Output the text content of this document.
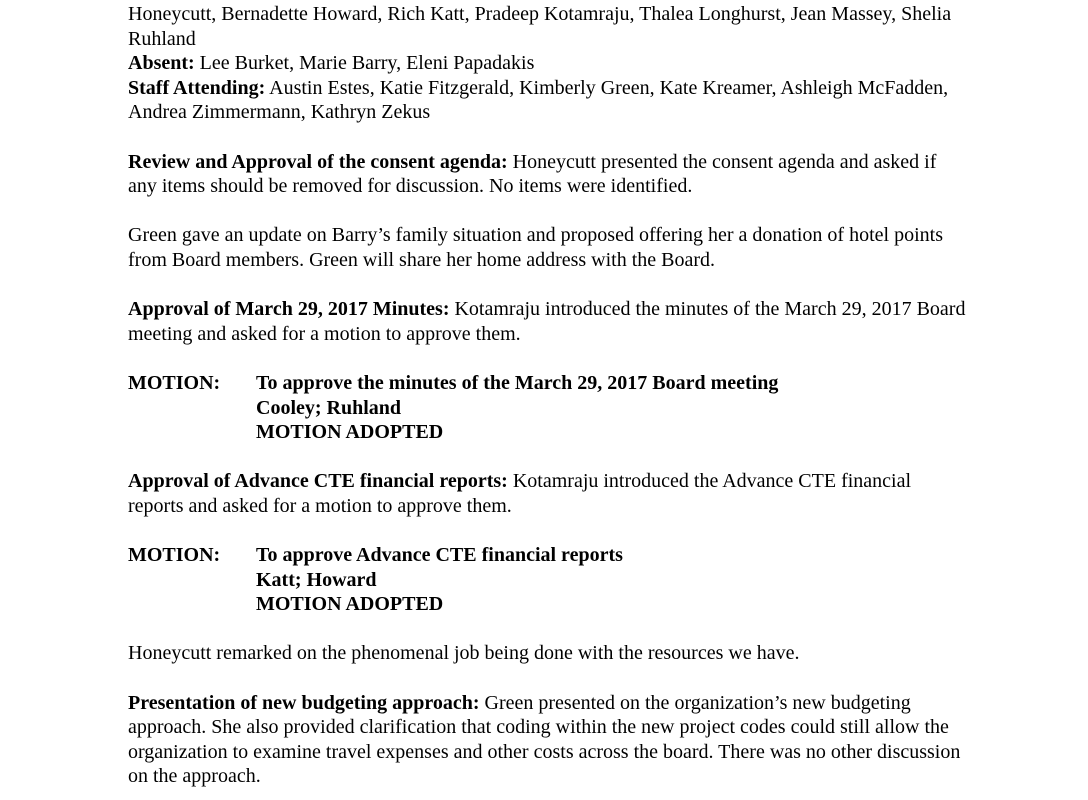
Honeycutt, Bernadette Howard, Rich Katt, Pradeep Kotamraju, Thalea Longhurst, Jean Massey, Shelia Ruhland

Absent: Lee Burket, Marie Barry, Eleni Papadakis

Staff Attending: Austin Estes, Katie Fitzgerald, Kimberly Green, Kate Kreamer, Ashleigh McFadden, Andrea Zimmermann, Kathryn Zekus

Review and Approval of the consent agenda: Honeycutt presented the consent agenda and asked if any items should be removed for discussion. No items were identified.

Green gave an update on Barry’s family situation and proposed offering her a donation of hotel points from Board members. Green will share her home address with the Board.

Approval of March 29, 2017 Minutes: Kotamraju introduced the minutes of the March 29, 2017 Board meeting and asked for a motion to approve them.

MOTION:	To approve the minutes of the March 29, 2017 Board meeting
Cooley; Ruhland
MOTION ADOPTED

Approval of Advance CTE financial reports: Kotamraju introduced the Advance CTE financial reports and asked for a motion to approve them.

MOTION:	To approve Advance CTE financial reports
Katt; Howard
MOTION ADOPTED

Honeycutt remarked on the phenomenal job being done with the resources we have.

Presentation of new budgeting approach: Green presented on the organization’s new budgeting approach. She also provided clarification that coding within the new project codes could still allow the organization to examine travel expenses and other costs across the board. There was no other discussion on the approach.
